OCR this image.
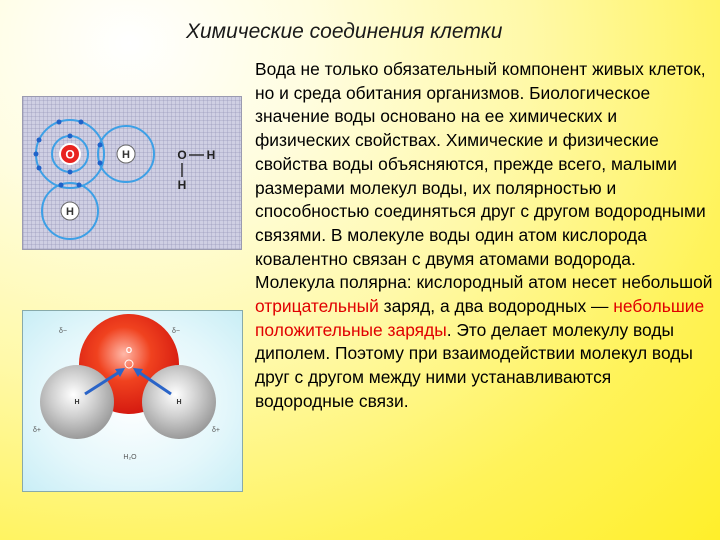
Химические соединения клетки
O	H
H
O H
H
O
H	H
δ−	δ−
δ+	δ+
H₂O

Вода не только обязательный компонент живых клеток, но и среда обитания организмов. Биологическое значение воды основано на ее химических и физических свойствах. Химические и физические свойства воды объясняются, прежде всего, малыми размерами молекул воды, их полярностью и способностью соединяться друг с другом водородными связями. В молекуле воды один атом кислорода ковалентно связан с двумя атомами водорода.

Молекула полярна: кислородный атом несет небольшой отрицательный заряд, а два водородных — небольшие положительные заряды. Это делает молекулу воды диполем. Поэтому при взаимодействии молекул воды друг с другом между ними устанавливаются водородные связи.
